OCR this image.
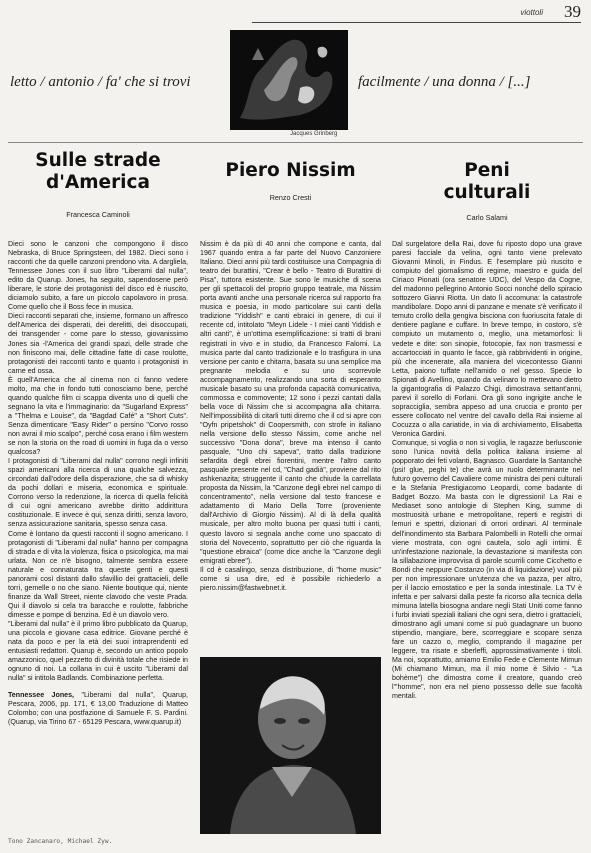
viottoli 39
Jacques Grinberg
letto / antonio / fa' che si trovi	facilmente / una donna / [...]
Sulle strade
d'America
Francesca Caminoli

Dieci sono le canzoni che compongono il disco Nebraska, di Bruce Springsteen, del 1982. Dieci sono i racconti che da quelle canzoni prendono vita. A dargliela, Tennessee Jones con il suo libro "Liberami dal nulla", edito da Quarup. Jones, ha seguito, sapendosene però liberare, le storie dei protagonisti del disco ed è riuscito, diciamolo subito, a fare un piccolo capolavoro in prosa. Come quello che il Boss fece in musica.

Dieci racconti separati che, insieme, formano un affresco dell'America dei disperati, dei derelitti, dei disoccupati, dei transgender - come pare lo stesso, giovanissimo Jones sia -l'America dei grandi spazi, delle strade che non finiscono mai, delle cittadine fatte di case roulotte, protagonisti dei racconti tanto e quanto i protagonisti in carne ed ossa.

È quell'America che al cinema non ci fanno vedere molto, ma che in fondo tutti conosciamo bene, perché quando qualche film ci scappa diventa uno di quelli che segnano la vita e l'immaginario: da "Sugarland Express" a "Thelma e Louise", da "Bagdad Café" a "Short Cuts". Senza dimenticare "Easy Rider" o persino "Corvo rosso non avrai il mio scalpo", perché cosa erano i film western se non la storia on the road di uomini in fuga da o verso qualcosa?

I protagonisti di "Liberami dal nulla" corrono negli infiniti spazi americani alla ricerca di una qualche salvezza, circondati dall'odore della disperazione, che sa di whisky da pochi dollari e miseria, economica e spirituale. Corrono verso la redenzione, la ricerca di quella felicità di cui ogni americano avrebbe diritto addirittura costituzionale. E invece è qui, senza diritti, senza lavoro, senza assicurazione sanitaria, spesso senza casa.

Come è lontano da questi racconti il sogno americano. I protagonisti di "Liberami dal nulla" hanno per compagna di strada e di vita la violenza, fisica o psicologica, ma mai urlata. Non ce n'è bisogno, talmente sembra essere naturale e connaturata tra queste genti e questi panorami così distanti dallo sfavillio dei grattacieli, delle torri, gemelle o no che siano. Niente boutique qui, niente finanze da Wall Street, niente clavodo che veste Prada. Qui il diavolo si cela tra baracche e roulotte, fabbriche dimesse e pompe di benzina. Ed è un diavolo vero.

"Liberami dal nulla" è il primo libro pubblicato da Quarup, una piccola e giovane casa editrice. Giovane perché è nata da poco e per la età dei suoi intraprendenti ed entusiasti redattori. Quarup è, secondo un antico popolo amazzonico, quel pezzetto di divinità totale che risiede in ognuno di noi. La collana in cui è uscito "Liberami dal nulla" si intitola Badlands. Combinazione perfetta.

Tennessee Jones, "Liberami dal nulla", Quarup, Pescara, 2006, pp. 171, € 13,00 Traduzione di Matteo Colombo; con una postfazione di Samuele F. S. Pardini. (Quarup, via Tirino 67 - 65129 Pescara, www.quarup.it)

Piero Nissim
Renzo Cresti

Nissim è da più di 40 anni che compone e canta, dal 1967 quando entra a far parte del Nuovo Canzoniere Italiano. Dieci anni più tardi costituisce una Compagnia di teatro dei burattini, "Crear è bello - Teatro di Burattini di Pisa", tuttora esistente. Sue sono le musiche di scena per gli spettacoli del proprio gruppo teatrale, ma Nissim porta avanti anche una personale ricerca sul rapporto fra musica e poesia, in modo particolare sui canti della tradizione "Yiddish" e canti ebraici in genere, di cui il recente cd, intitolato "Meyn Lidele - I miei canti Yiddish e altri canti", è un'ottima esemplificazione: si tratti di brani registrati in vivo e in studio, da Francesco Falorni. La musica parte dal canto tradizionale e lo trasfigura in una versione per canto e chitarra, basata su una semplice ma pregnante melodia e su uno scorrevole accompagnamento, realizzando una sorta di esperanto musicale basato su una profonda capacità comunicativa, commossa e commovente; 12 sono i pezzi cantati dalla bella voce di Nissim che si accompagna alla chitarra. Nell'impossibilità di citarli tutti diremo che il cd si apre con "Oyfn pripetshok" di Coopersmith, con strofe in italiano nella versione dello stesso Nissim, come anche nel successivo "Dona dona", breve ma intenso il canto pasquale, "Uno chi sapeva", tratto dalla tradizione sefardita degli ebrei fiorentini, mentre l'altro canto pasquale presente nel cd, "Chad gadià", proviene dal rito ashkenazita; struggente il canto che chiude la carrellata proposta da Nissim, la "Canzone degli ebrei nel campo di concentramento", nella versione dal testo francese e adattamento di Mario Della Torre (proveniente dall'Archivio di Giorgio Nissim). Al di là della qualità musicale, per altro molto buona per quasi tutti i canti, questo lavoro si segnala anche come uno spaccato di storia del Novecento, soprattutto per ciò che riguarda la "questione ebraica" (come dice anche la "Canzone degli emigrati ebree").

Il cd è casalingo, senza distribuzione, di "home music" come si usa dire, ed è possibile richiederlo a piero.nissim@fastwebnet.it.

Peni
culturali
Carlo Salami

Dal surgelatore della Rai, dove fu riposto dopo una grave paresi facciale da velina, ogni tanto viene prelevato Giovanni Minoli, in Findus. E l'esemplare più riuscito e compiuto del giornalismo di regime, maestro e guida del Ciriaco Pionati (ora senatore UDC), del Vespo da Cogne, del madonno pellegrino Antonio Socci nonché dello spiracio sottozero Gianni Riotta. Un dato lì accomuna: la catastrofe mandibolare. Dopo anni di panzane e menate s'è verificato il temuto crollo della gengiva bisciona con fuoriuscita fatale di dentiere paglane e cuffare. In breve tempo, in costoro, s'è compiuto un mutamento o, meglio, una metamorfosi: li vedete e dite: son sinopie, fotocopie, fax non trasmessi e accartocciati in quanto le facce, già rabbrividenti in origine, più che incenerate, alla maniera del vicecontesso Gianni Letta, paiono tuffate nell'amido o nel gesso. Specie lo Spionati di Avellino, quando da velinaro lo mettevano dietro la gigantografia di Palazzo Chigi, dimostrava settant'anni, parevi il sorello di Forlani. Ora gli sono ingrigite anche le sopracciglia, sembra appeso ad una cruccia e pronto per essere collocato nel ventre del cavallo della Rai insieme al Cocuzza o alla cariatide, in via di archiviamento, Elisabetta Veronica Gardini.

Comunque, si voglia o non si voglia, le ragazze berlusconie sono l'unica novità della politica italiana insieme al popporato dei feti volanti, Bagnasco. Guardate la Santanchè (psi! glue, peghi te) che avrà un ruolo determinante nel futuro governo del Cavaliere come ministra dei peni culturali e la Stefania Prestigiacomo Leopardi, come badante di Badget Bozzo. Ma basta con le digressioni! La Rai e Mediaset sono antologie di Stephen King, summe di mostruosità urbane e metropolitane, reperti e registri di lemuri e spettri, dizionari di orrori ordinari. Al terminale dell'inondimento sta Barbara Palombelli in Rotelli che ormai viene mostrata, con ogni cautela, solo agli intimi. È un'infestazione nazionale, la devastazione si manifesta con la sillabazione improvvisa di parole scurrili come Cicchetto e Bondi che neppure Costanzo (in via di liquidazione) vuol più per non impressionare un'utenza che va pazza, per altro, per il laccio emostatico e per la sonda intestinale. La TV è infetta e per salvarsi dalla peste fa ricorso alla tecnica della mimuna latella biosogna andare negli Stati Uniti come fanno i furbi inviati speziali italiani che ogni sera, dietro i grattacieli, dimostrano agli umani come si può guadagnare un buono stipendio, mangiare, bere, scorreggiare e scopare senza fare un cazzo o, meglio, comprando il magazine per leggere, tra risate e sberleffi, approssimativamente i titoli. Ma noi, soprattutto, amiamo Emilio Fede e Clemente Mimun (Mi chiamano Mimun, ma il mio nome è Silvio - "La bohème") che dimostra come il creatore, quando creò l'"homme", non era nel pieno possesso delle sue facoltà mentali.

Tono Zancanaro, Michael Zyw.
